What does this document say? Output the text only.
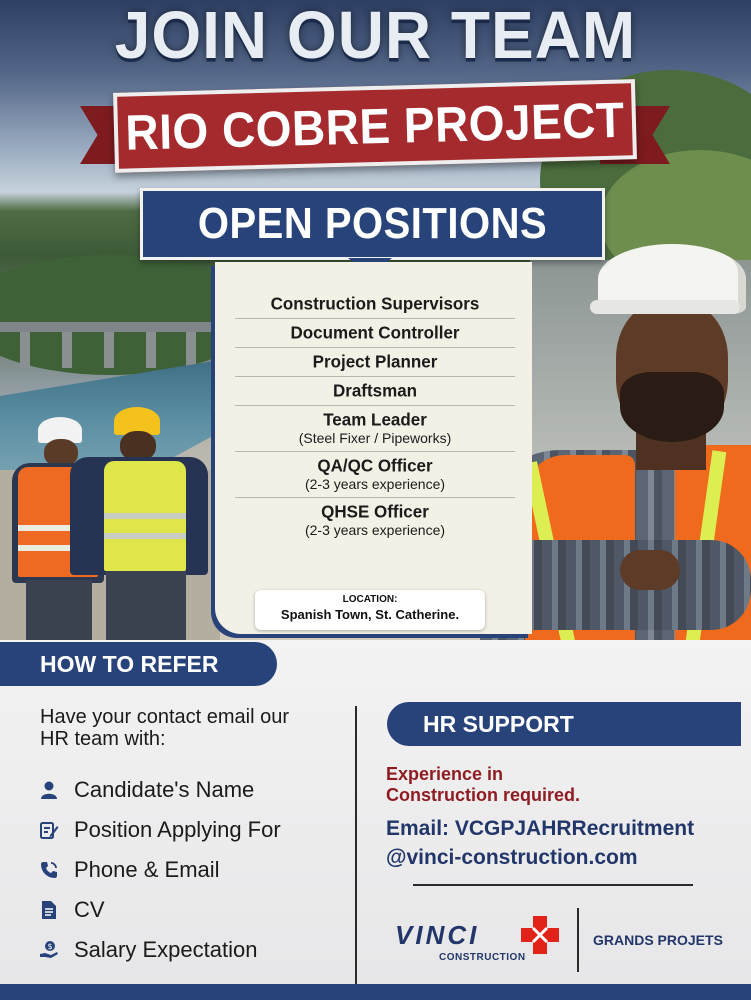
JOIN OUR TEAM
RIO COBRE PROJECT
OPEN POSITIONS
Construction Supervisors
Document Controller
Project Planner
Draftsman
Team Leader
(Steel Fixer / Pipeworks)
QA/QC Officer
(2-3 years experience)
QHSE Officer
(2-3 years experience)
LOCATION:
Spanish Town, St. Catherine.
HOW TO REFER
Have your contact email our HR team with:
Candidate's Name
Position Applying For
Phone & Email
CV
$ Salary Expectation
HR SUPPORT
Experience in
Construction required.
Email: VCGPJAHRRecruitment
@vinci-construction.com
VINCI
CONSTRUCTION
GRANDS PROJETS
